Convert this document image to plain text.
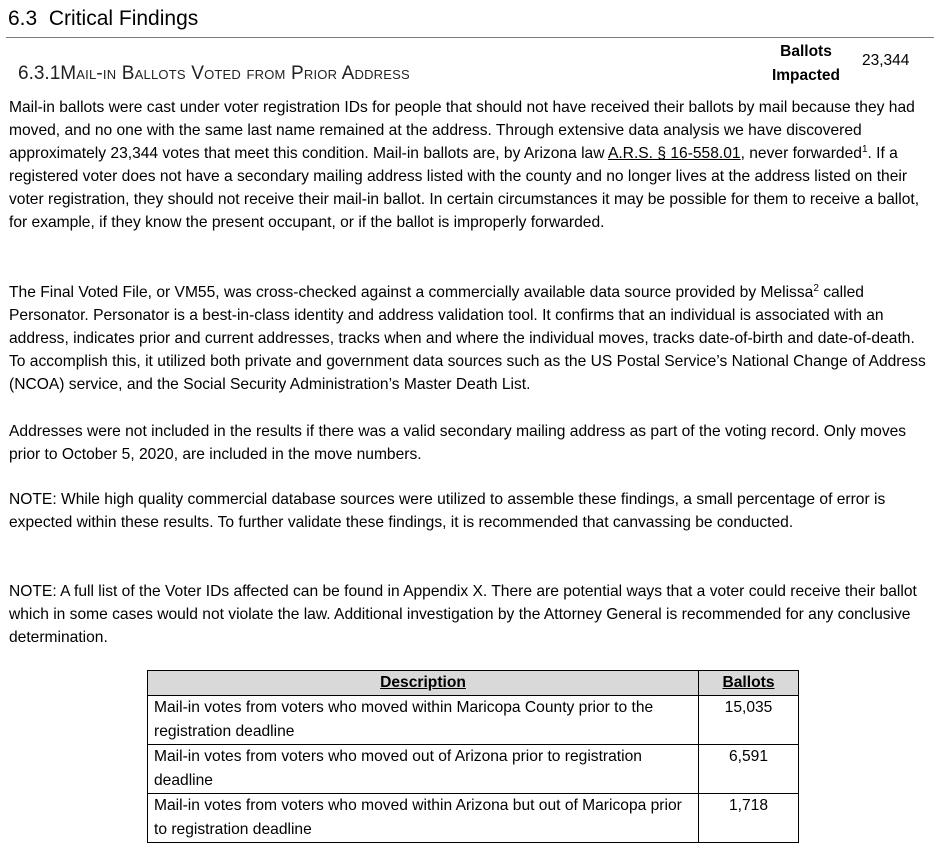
6.3 Critical Findings
6.3.1Mail-in Ballots Voted from Prior Address
Ballots
Impacted
23,344

Mail-in ballots were cast under voter registration IDs for people that should not have received their ballots by mail because they had moved, and no one with the same last name remained at the address. Through extensive data analysis we have discovered approximately 23,344 votes that meet this condition. Mail-in ballots are, by Arizona law A.R.S. § 16-558.01, never forwarded$^1$. If a registered voter does not have a secondary mailing address listed with the county and no longer lives at the address listed on their voter registration, they should not receive their mail-in ballot. In certain circumstances it may be possible for them to receive a ballot, for example, if they know the present occupant, or if the ballot is improperly forwarded.

The Final Voted File, or VM55, was cross-checked against a commercially available data source provided by Melissa$^2$ called Personator. Personator is a best-in-class identity and address validation tool. It confirms that an individual is associated with an address, indicates prior and current addresses, tracks when and where the individual moves, tracks date-of-birth and date-of-death. To accomplish this, it utilized both private and government data sources such as the US Postal Service’s National Change of Address (NCOA) service, and the Social Security Administration’s Master Death List.

Addresses were not included in the results if there was a valid secondary mailing address as part of the voting record. Only moves prior to October 5, 2020, are included in the move numbers.

NOTE: While high quality commercial database sources were utilized to assemble these findings, a small percentage of error is expected within these results. To further validate these findings, it is recommended that canvassing be conducted.

NOTE: A full list of the Voter IDs affected can be found in Appendix X. There are potential ways that a voter could receive their ballot which in some cases would not violate the law. Additional investigation by the Attorney General is recommended for any conclusive determination.

Description	Ballots
Mail-in votes from voters who moved within Maricopa County prior to the registration deadline	15,035
Mail-in votes from voters who moved out of Arizona prior to registration deadline	6,591
Mail-in votes from voters who moved within Arizona but out of Maricopa prior to registration deadline	1,718
